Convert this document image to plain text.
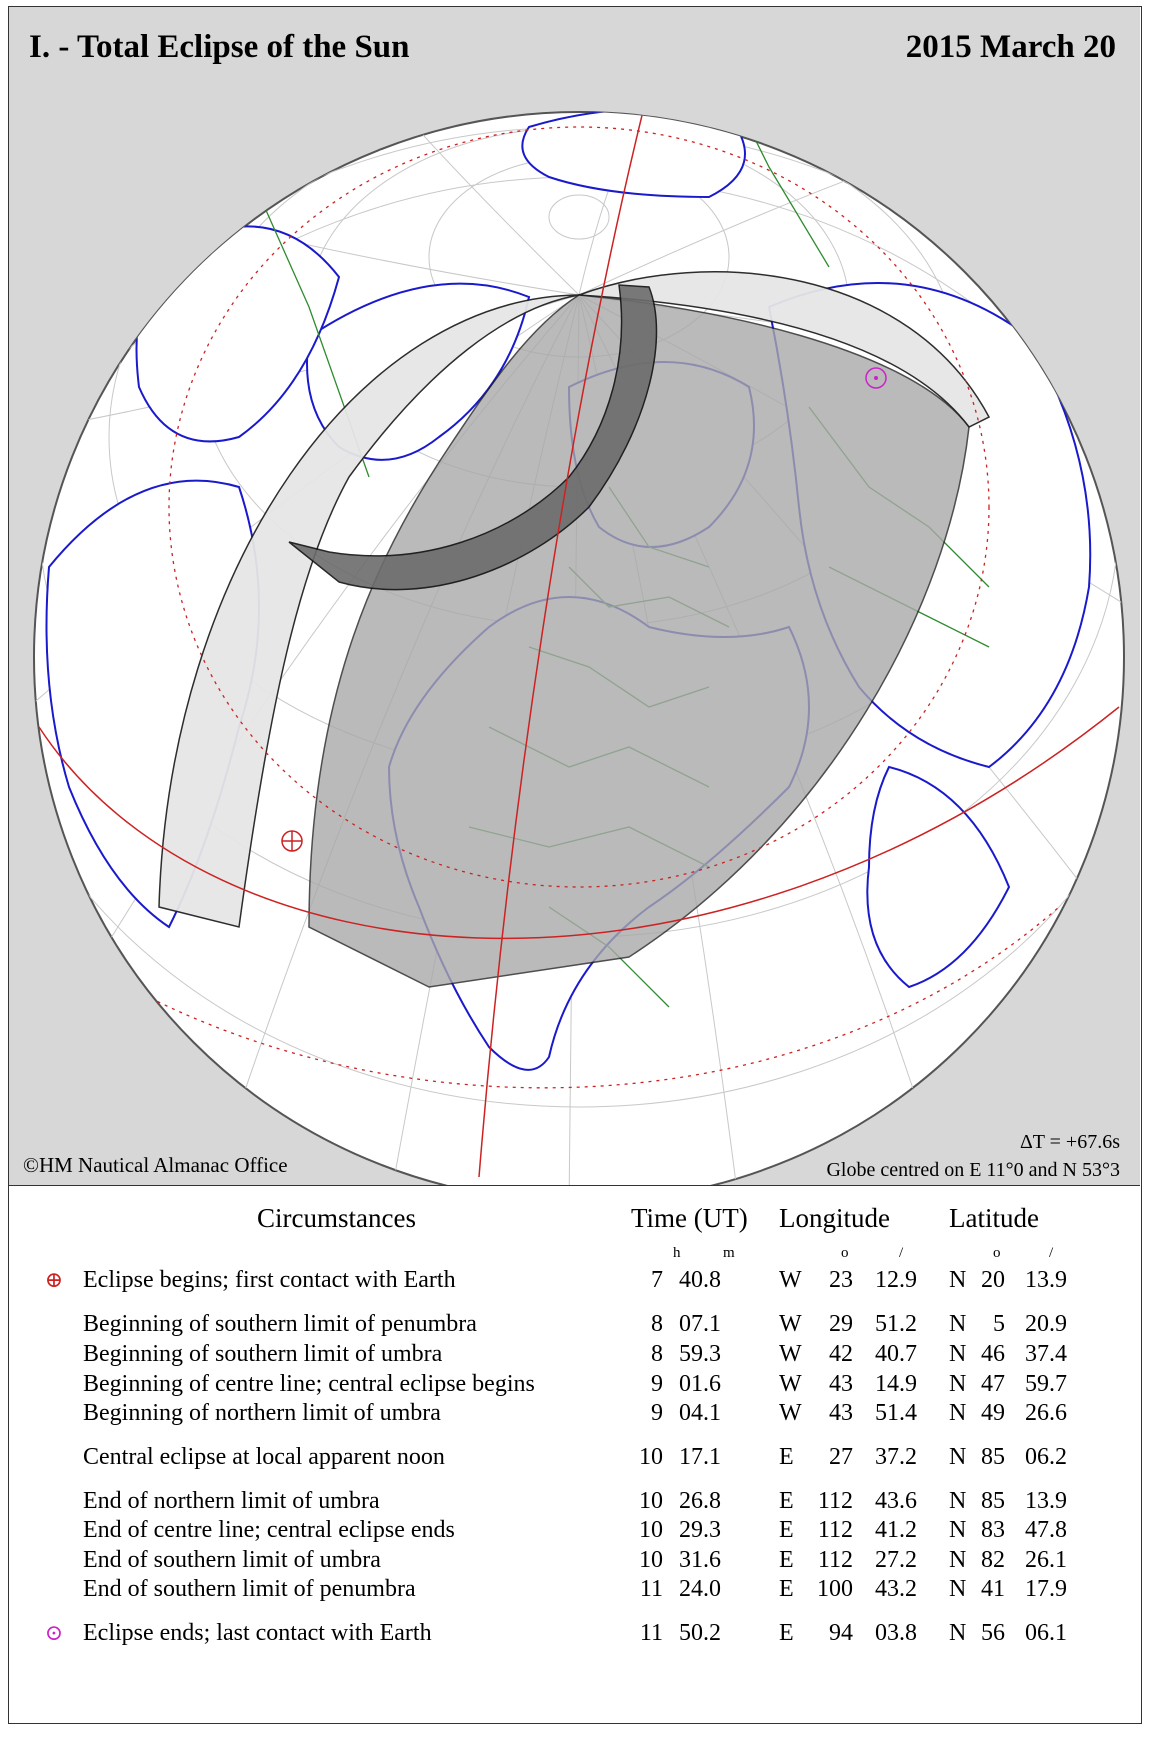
I. - Total Eclipse of the Sun	2015 March 20
©HM Nautical Almanac Office
ΔT = +67.6s
Globe centred on E 11°0 and N 53°3
Circumstances	Time (UT) Longitude Latitude
h	m	o	/	o	/
⊕ Eclipse begins; first contact with Earth	7 40.8 W	23 12.9 N 20 13.9
Beginning of southern limit of penumbra	8 07.1 W	29 51.2 N	5 20.9
Beginning of southern limit of umbra	8 59.3 W	42 40.7 N 46 37.4
Beginning of centre line; central eclipse begins	9 01.6 W	43 14.9 N 47 59.7
Beginning of northern limit of umbra	9 04.1 W	43 51.4 N 49 26.6
Central eclipse at local apparent noon	10 17.1 E	27 37.2 N 85 06.2
End of northern limit of umbra	10 26.8 E	112 43.6 N 85 13.9
End of centre line; central eclipse ends	10 29.3 E	112 41.2 N 83 47.8
End of southern limit of umbra	10 31.6 E	112 27.2 N 82 26.1
End of southern limit of penumbra	11 24.0 E 100 43.2 N 41 17.9
⊙ Eclipse ends; last contact with Earth	11 50.2 E	94 03.8 N 56 06.1
